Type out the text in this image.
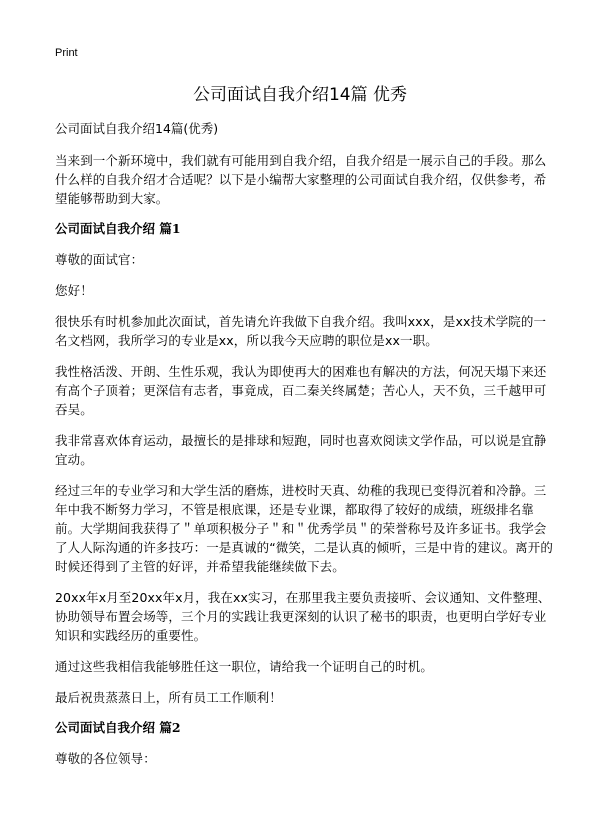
Print
公司面试自我介绍14篇 优秀

公司面试自我介绍14篇(优秀)

当来到一个新环境中，我们就有可能用到自我介绍，自我介绍是一展示自己的手段。那么什么样的自我介绍才合适呢？以下是小编帮大家整理的公司面试自我介绍，仅供参考，希望能够帮助到大家。

公司面试自我介绍 篇1

尊敬的面试官：

您好！

很快乐有时机参加此次面试，首先请允许我做下自我介绍。我叫xxx，是xx技术学院的一名文档网，我所学习的专业是xx，所以我今天应聘的职位是xx一职。

我性格活泼、开朗、生性乐观，我认为即使再大的困难也有解决的方法，何况天塌下来还有高个子顶着；更深信有志者，事竟成，百二秦关终属楚；苦心人，天不负，三千越甲可吞吴。

我非常喜欢体育运动，最擅长的是排球和短跑，同时也喜欢阅读文学作品，可以说是宜静宜动。

经过三年的专业学习和大学生活的磨炼，进校时天真、幼稚的我现已变得沉着和冷静。三年中我不断努力学习，不管是根底课，还是专业课，都取得了较好的成绩，班级排名靠前。大学期间我获得了＂单项积极分子＂和＂优秀学员＂的荣誉称号及许多证书。我学会了人人际沟通的许多技巧：一是真诚的“微笑，二是认真的倾听，三是中肯的建议。离开的时候还得到了主管的好评，并希望我能继续做下去。

20xx年x月至20xx年x月，我在xx实习，在那里我主要负责接听、会议通知、文件整理、协助领导布置会场等，三个月的实践让我更深刻的认识了秘书的职责，也更明白学好专业知识和实践经历的重要性。

通过这些我相信我能够胜任这一职位，请给我一个证明自己的时机。

最后祝贵蒸蒸日上，所有员工工作顺利！

公司面试自我介绍 篇2

尊敬的各位领导：
